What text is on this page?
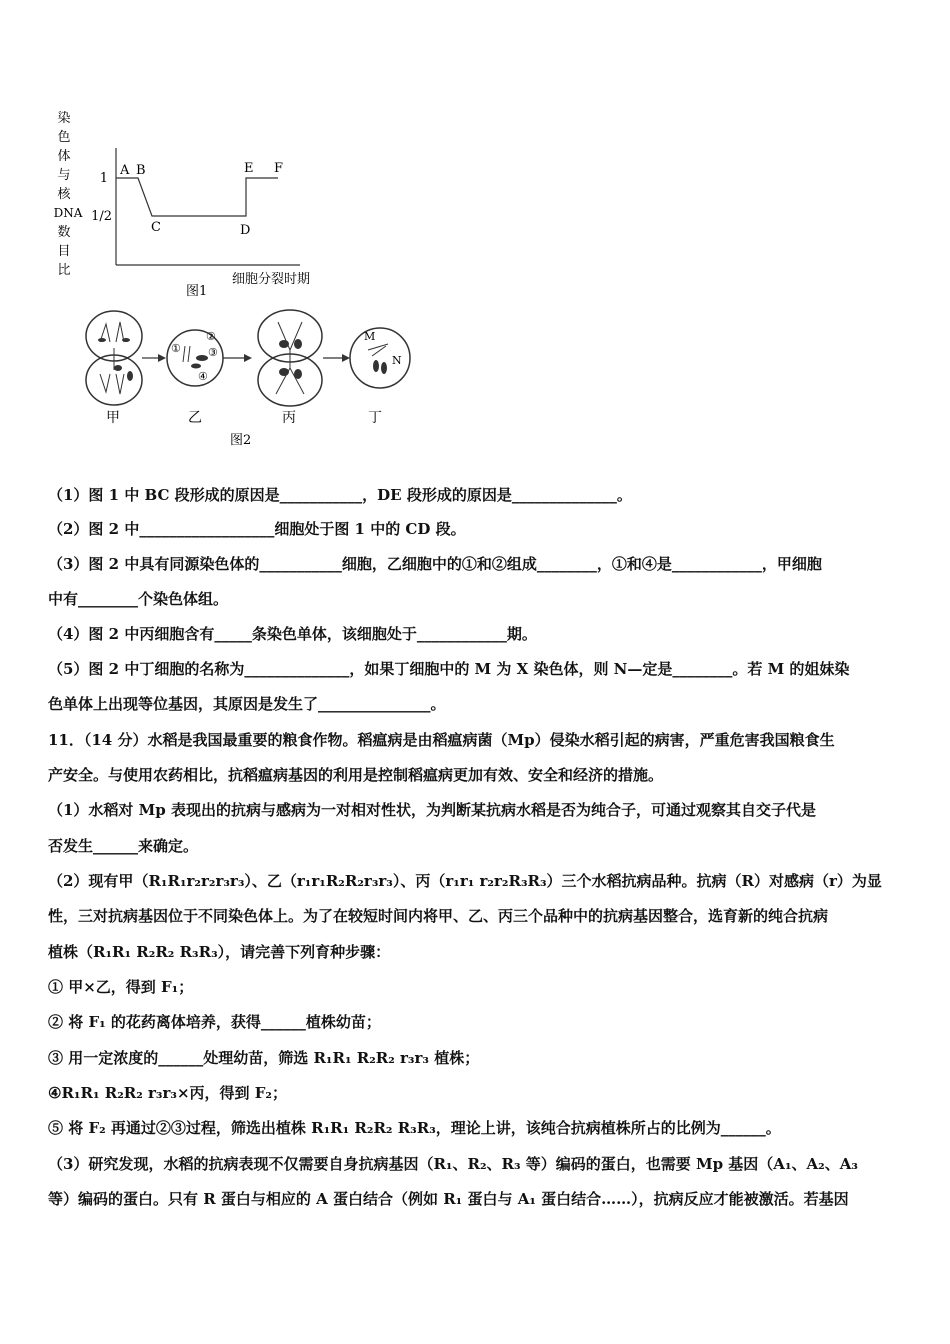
染
色
体
与
核
DNA
数
目
比
1
1/2
A B
C	D
E F
细胞分裂时期
图1
①
②
③
④
M
N
甲	乙	丙	丁
图2
（1）图 1 中 BC 段形成的原因是___________，DE 段形成的原因是______________。
（2）图 2 中__________________细胞处于图 1 中的 CD 段。
（3）图 2 中具有同源染色体的___________细胞，乙细胞中的①和②组成________，①和④是____________，甲细胞
中有________个染色体组。
（4）图 2 中丙细胞含有_____条染色单体，该细胞处于____________期。
（5）图 2 中丁细胞的名称为______________，如果丁细胞中的 M 为 X 染色体，则 N—定是________。若 M 的姐妹染
色单体上出现等位基因，其原因是发生了_______________。
11．（14 分）水稻是我国最重要的粮食作物。稻瘟病是由稻瘟病菌（Mp）侵染水稻引起的病害，严重危害我国粮食生
产安全。与使用农药相比，抗稻瘟病基因的利用是控制稻瘟病更加有效、安全和经济的措施。
（1）水稻对 Mp 表现出的抗病与感病为一对相对性状，为判断某抗病水稻是否为纯合子，可通过观察其自交子代是
否发生______来确定。
（2）现有甲（R₁R₁r₂r₂r₃r₃）、乙（r₁r₁R₂R₂r₃r₃）、丙（r₁r₁ r₂r₂R₃R₃）三个水稻抗病品种。抗病（R）对感病（r）为显
性，三对抗病基因位于不同染色体上。为了在较短时间内将甲、乙、丙三个品种中的抗病基因整合，选育新的纯合抗病
植株（R₁R₁ R₂R₂ R₃R₃），请完善下列育种步骤：
① 甲×乙，得到 F₁；
② 将 F₁ 的花药离体培养，获得______植株幼苗；
③ 用一定浓度的______处理幼苗，筛选 R₁R₁ R₂R₂ r₃r₃ 植株；
④R₁R₁ R₂R₂ r₃r₃×丙，得到 F₂；
⑤ 将 F₂ 再通过②③过程，筛选出植株 R₁R₁ R₂R₂ R₃R₃，理论上讲，该纯合抗病植株所占的比例为______。
（3）研究发现，水稻的抗病表现不仅需要自身抗病基因（R₁、R₂、R₃ 等）编码的蛋白，也需要 Mp 基因（A₁、A₂、A₃
等）编码的蛋白。只有 R 蛋白与相应的 A 蛋白结合（例如 R₁ 蛋白与 A₁ 蛋白结合……），抗病反应才能被激活。若基因
